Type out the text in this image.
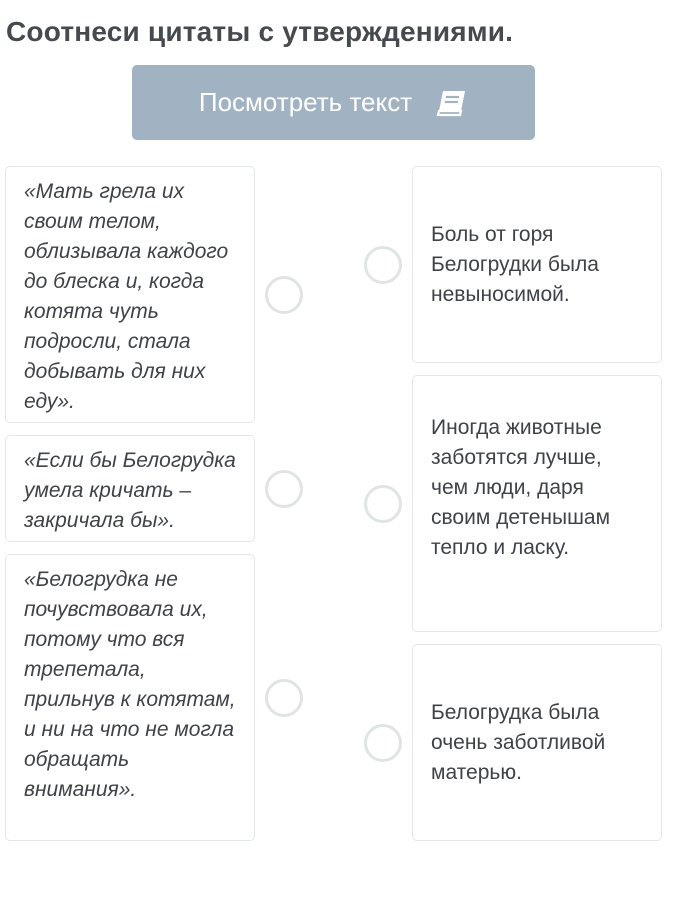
Соотнеси цитаты с утверждениями.
Посмотреть текст
«Мать грела их своим телом, облизывала каждого до блеска и, когда котята чуть подросли, стала добывать для них еду».
«Если бы Белогрудка умела кричать – закричала бы».
«Белогрудка не почувствовала их, потому что вся трепетала, прильнув к котятам, и ни на что не могла обращать внимания».
Боль от горя Белогрудки была невыносимой.
Иногда животные заботятся лучше, чем люди, даря своим детенышам тепло и ласку.
Белогрудка была очень заботливой матерью.
